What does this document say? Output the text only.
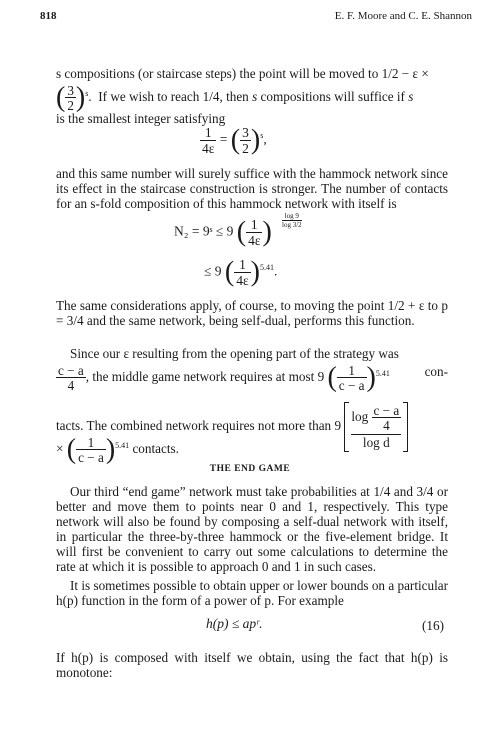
818	E. F. Moore and C. E. Shannon
s compositions (or staircase steps) the point will be moved to 1/2 − ε ×
( $\frac{3}{2} )^s$.  If we wish to reach 1/4, then s compositions will suffice if s
is the smallest integer satisfying
$\frac{1}{4\varepsilon}$ = ( $\frac{3}{2} )^s$,
and this same number will surely suffice with the hammock network since its effect in the staircase construction is stronger. The number of contacts for an s-fold composition of this hammock network with itself is
N₂ = 9ˢ ≤ 9 ( $\frac{1}{4\varepsilon}$ )
log 9
log 3/2
≤ 9 ( $\frac{1}{4\varepsilon} )^{5.41}$.
The same considerations apply, of course, to moving the point 1/2 + ε to p = 3/4 and the same network, being self-dual, performs this function.
Since our ε resulting from the opening part of the strategy was
$\frac{c - a}{4}$ , the middle game network requires at most 9 ( $\frac{1}{c - a} )^{5.41}$	con-
tacts. The combined network requires not more than 9 $\log \frac{c - a}{4}$
log d
× ( $\frac{1}{c - a} )^{5.41}$ contacts.
THE END GAME
Our third “end game” network must take probabilities at 1/4 and 3/4 or better and move them to points near 0 and 1, respectively. This type network will also be found by composing a self-dual network with itself, in particular the three-by-three hammock or the five-element bridge. It will first be convenient to carry out some calculations to determine the rate at which it is possible to approach 0 and 1 in such cases.
It is sometimes possible to obtain upper or lower bounds on a particular h(p) function in the form of a power of p. For example
h(p) ≤ apʳ.	(16)
If h(p) is composed with itself we obtain, using the fact that h(p) is monotone:
